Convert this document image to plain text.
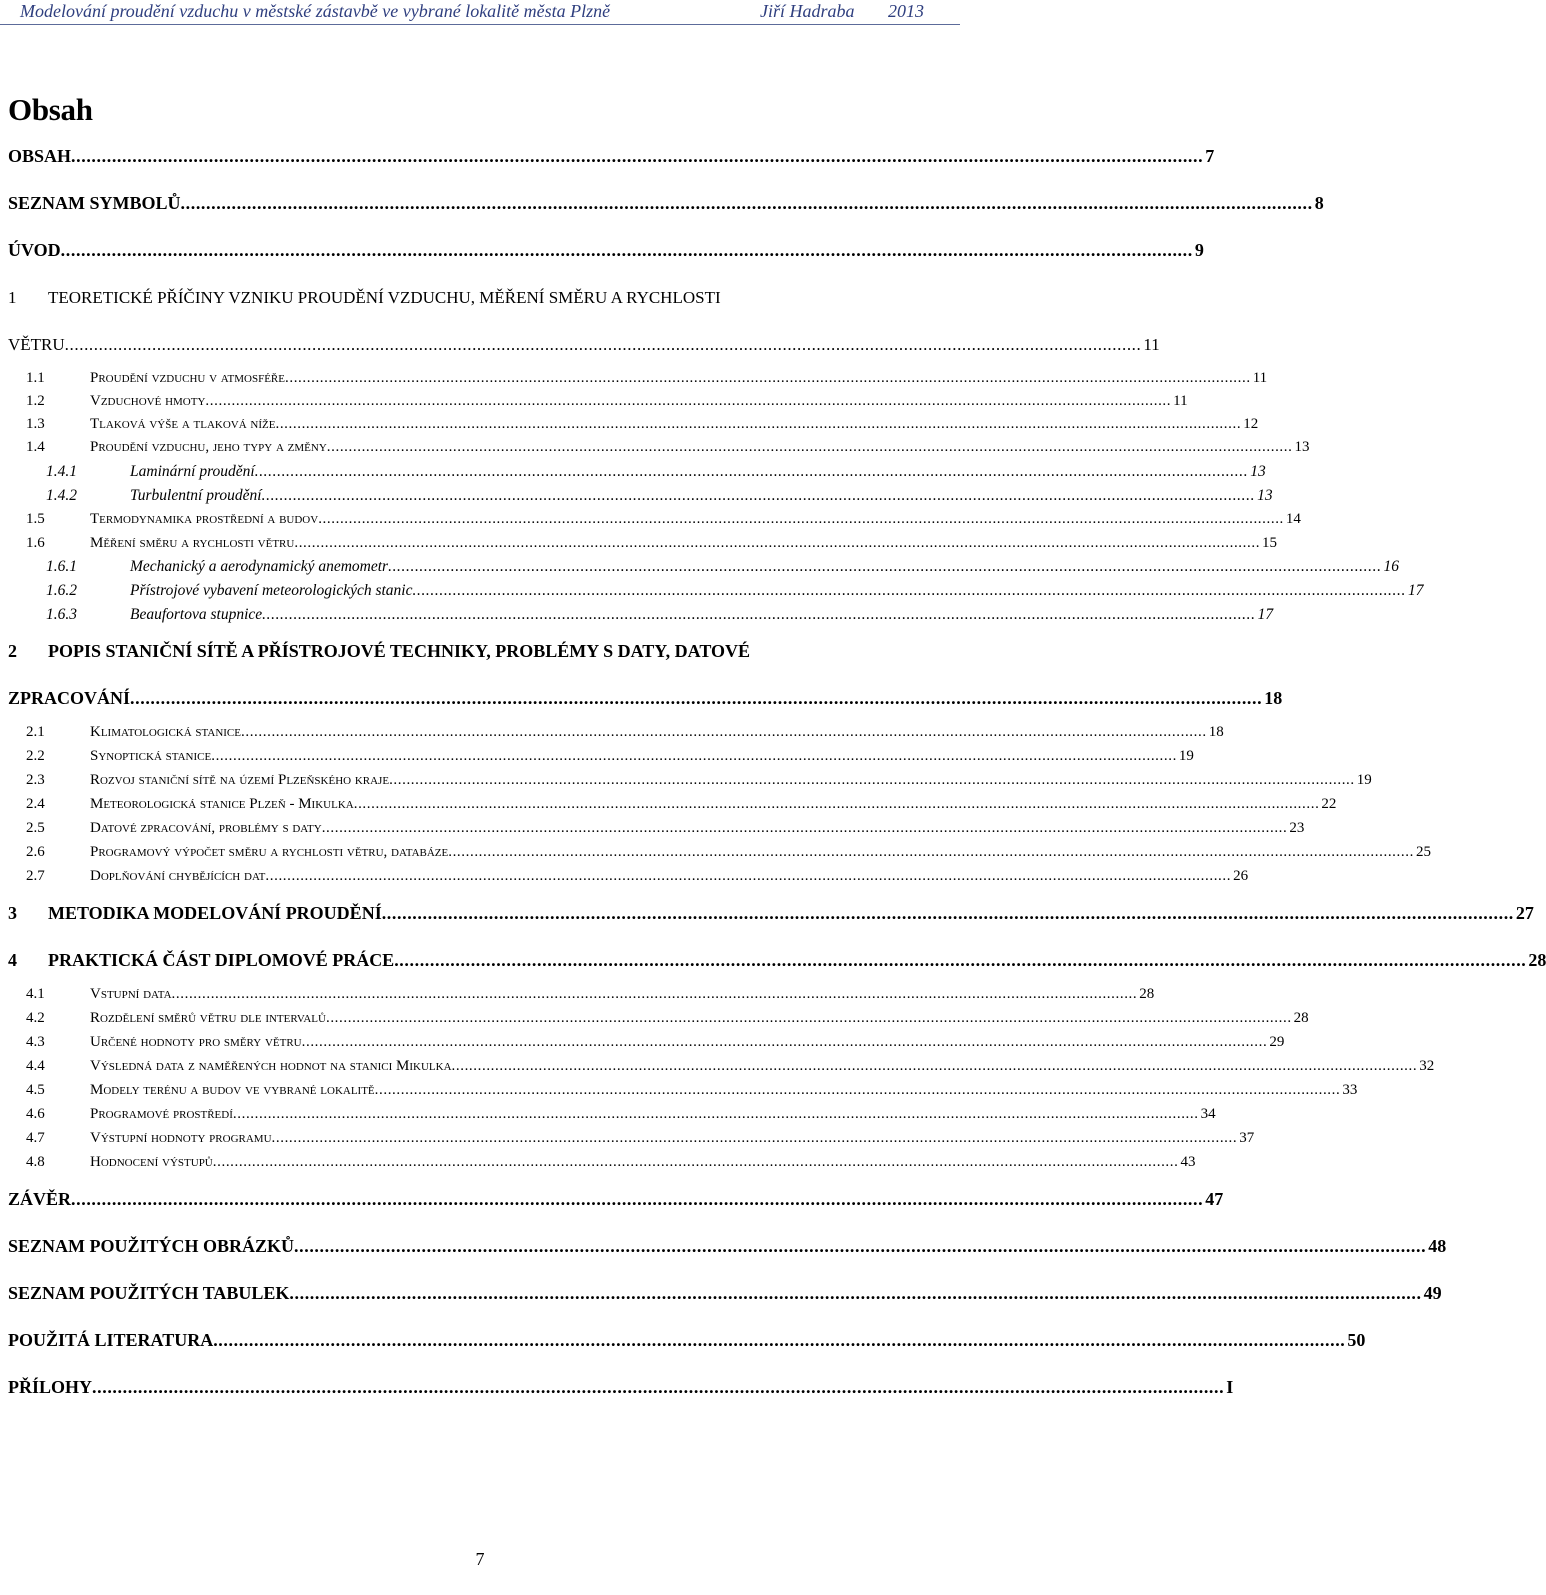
Modelování proudění vzduchu v městské zástavbě ve vybrané lokalitě města Plzně	Jiří Hadraba 2013
Obsah
OBSAH .............................................................................................................................................................................................................................. 7
SEZNAM SYMBOLŮ .............................................................................................................................................................................................................................. 8
ÚVOD .............................................................................................................................................................................................................................. 9
1 TEORETICKÉ PŘÍČINY VZNIKU PROUDĚNÍ VZDUCHU, MĚŘENÍ SMĚRU A RYCHLOSTI
VĚTRU .............................................................................................................................................................................................................................. 11
1.1	Proudění vzduchu v atmosféře .............................................................................................................................................................................................................................. 11
1.2	Vzduchové hmoty .............................................................................................................................................................................................................................. 11
1.3	Tlaková výše a tlaková níže .............................................................................................................................................................................................................................. 12
1.4	Proudění vzduchu, jeho typy a změny .............................................................................................................................................................................................................................. 13
1.4.1	Laminární proudění .............................................................................................................................................................................................................................. 13
1.4.2	Turbulentní proudění .............................................................................................................................................................................................................................. 13
1.5	Termodynamika prostřední a budov .............................................................................................................................................................................................................................. 14
1.6	Měření směru a rychlosti větru .............................................................................................................................................................................................................................. 15
1.6.1	Mechanický a aerodynamický anemometr .............................................................................................................................................................................................................................. 16
1.6.2	Přístrojové vybavení meteorologických stanic .............................................................................................................................................................................................................................. 17
1.6.3	Beaufortova stupnice .............................................................................................................................................................................................................................. 17
2 POPIS STANIČNÍ SÍTĚ A PŘÍSTROJOVÉ TECHNIKY, PROBLÉMY S DATY, DATOVÉ
ZPRACOVÁNÍ .............................................................................................................................................................................................................................. 18
2.1	Klimatologická stanice .............................................................................................................................................................................................................................. 18
2.2	Synoptická stanice .............................................................................................................................................................................................................................. 19
2.3	Rozvoj staniční sítě na území Plzeňského kraje .............................................................................................................................................................................................................................. 19
2.4	Meteorologická stanice Plzeň - Mikulka .............................................................................................................................................................................................................................. 22
2.5	Datové zpracování, problémy s daty .............................................................................................................................................................................................................................. 23
2.6	Programový výpočet směru a rychlosti větru, databáze .............................................................................................................................................................................................................................. 25
2.7	Doplňování chybějících dat .............................................................................................................................................................................................................................. 26
3 METODIKA MODELOVÁNÍ PROUDĚNÍ .............................................................................................................................................................................................................................. 27
4 PRAKTICKÁ ČÁST DIPLOMOVÉ PRÁCE .............................................................................................................................................................................................................................. 28
4.1	Vstupní data .............................................................................................................................................................................................................................. 28
4.2	Rozdělení směrů větru dle intervalů .............................................................................................................................................................................................................................. 28
4.3	Určené hodnoty pro směry větru .............................................................................................................................................................................................................................. 29
4.4	Výsledná data z naměřených hodnot na stanici Mikulka .............................................................................................................................................................................................................................. 32
4.5	Modely terénu a budov ve vybrané lokalitě .............................................................................................................................................................................................................................. 33
4.6	Programové prostředí .............................................................................................................................................................................................................................. 34
4.7	Výstupní hodnoty programu .............................................................................................................................................................................................................................. 37
4.8	Hodnocení výstupů .............................................................................................................................................................................................................................. 43
ZÁVĚR .............................................................................................................................................................................................................................. 47
SEZNAM POUŽITÝCH OBRÁZKŮ .............................................................................................................................................................................................................................. 48
SEZNAM POUŽITÝCH TABULEK .............................................................................................................................................................................................................................. 49
POUŽITÁ LITERATURA .............................................................................................................................................................................................................................. 50
PŘÍLOHY .............................................................................................................................................................................................................................. I
7
